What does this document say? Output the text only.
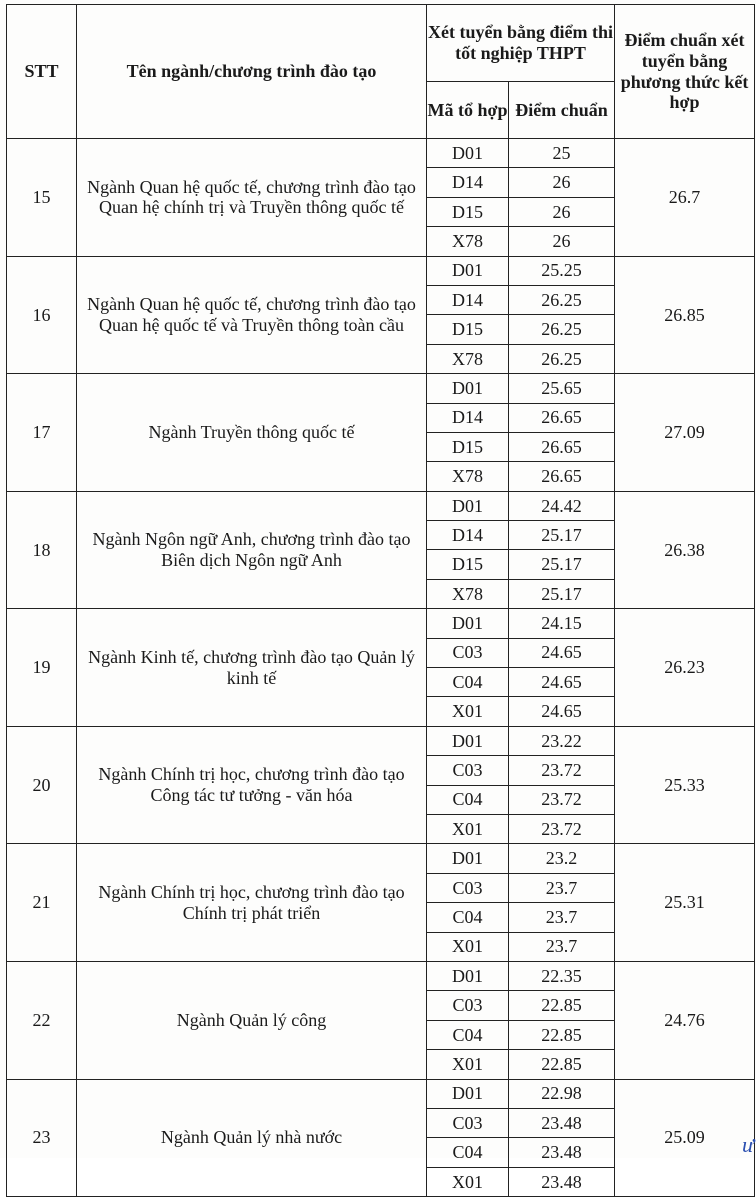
STT	Tên ngành/chương trình đào tạo	Xét tuyển bằng điểm thi tốt nghiệp THPT		Điểm chuẩn xét tuyển bằng phương thức kết hợp
		Mã tổ hợp	Điểm chuẩn	
15	Ngành Quan hệ quốc tế, chương trình đào tạo Quan hệ chính trị và Truyền thông quốc tế	D01	25	26.7
		D14	26	
		D15	26	
		X78	26	
16	Ngành Quan hệ quốc tế, chương trình đào tạo Quan hệ quốc tế và Truyền thông toàn cầu	D01	25.25	26.85
		D14	26.25	
		D15	26.25	
		X78	26.25	
17	Ngành Truyền thông quốc tế	D01	25.65	27.09
		D14	26.65	
		D15	26.65	
		X78	26.65	
18	Ngành Ngôn ngữ Anh, chương trình đào tạo Biên dịch Ngôn ngữ Anh	D01	24.42	26.38
		D14	25.17	
		D15	25.17	
		X78	25.17	
19	Ngành Kinh tế, chương trình đào tạo Quản lý kinh tế	D01	24.15	26.23
		C03	24.65	
		C04	24.65	
		X01	24.65	
20	Ngành Chính trị học, chương trình đào tạo Công tác tư tưởng - văn hóa	D01	23.22	25.33
		C03	23.72	
		C04	23.72	
		X01	23.72	
21	Ngành Chính trị học, chương trình đào tạo Chính trị phát triển	D01	23.2	25.31
		C03	23.7	
		C04	23.7	
		X01	23.7	
22	Ngành Quản lý công	D01	22.35	24.76
		C03	22.85	
		C04	22.85	
		X01	22.85	
23	Ngành Quản lý nhà nước	D01	22.98	25.09
		C03	23.48	
		C04	23.48	
		X01	23.48	
ư
